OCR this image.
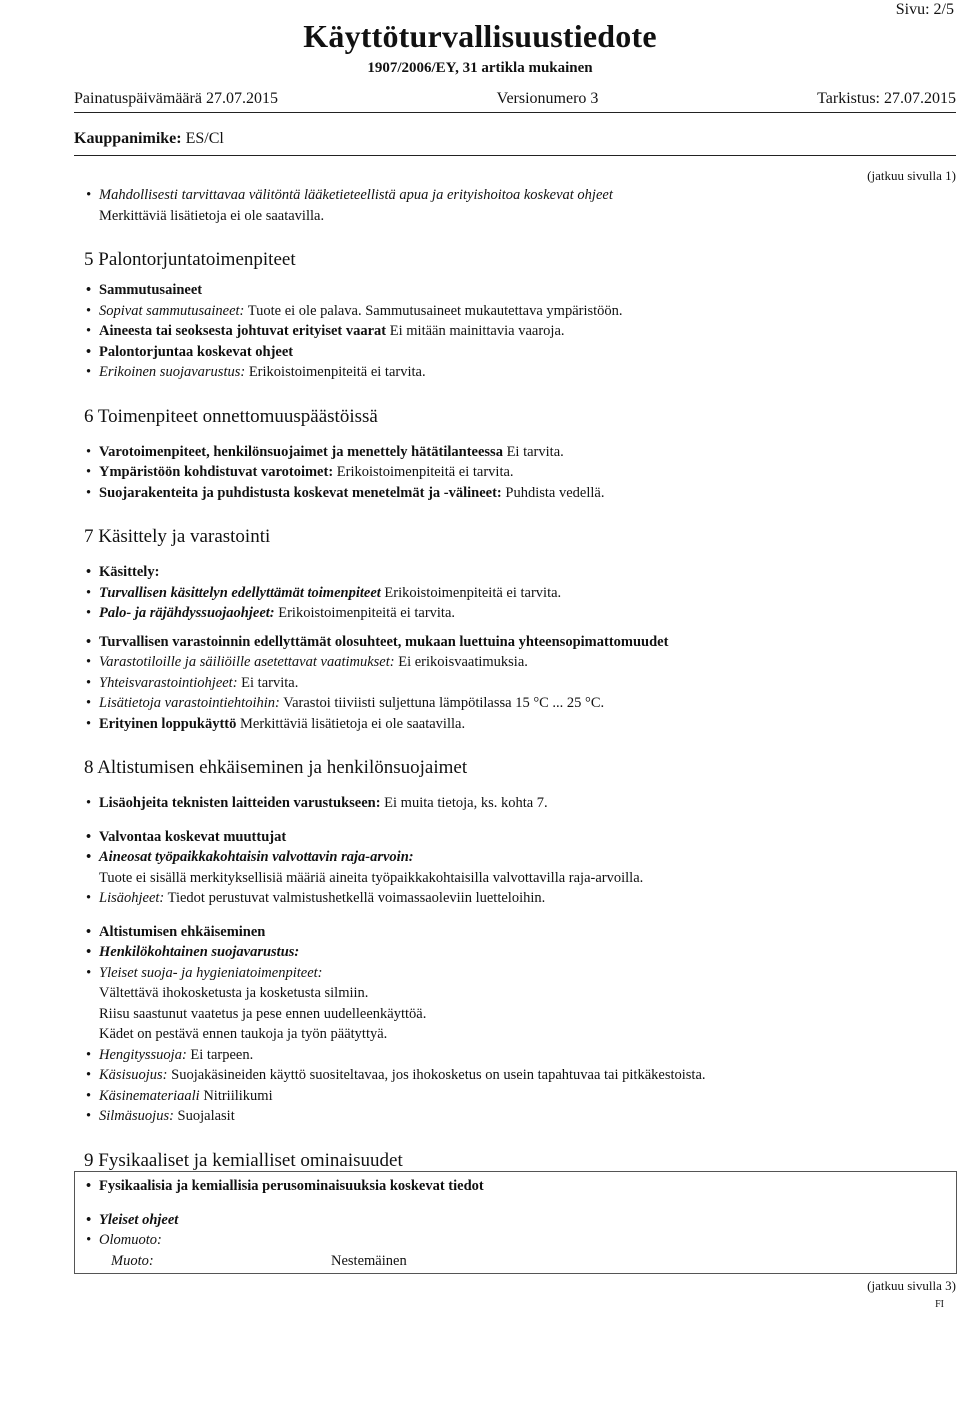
Sivu: 2/5
Käyttöturvallisuustiedote
1907/2006/EY, 31 artikla mukainen
Painatuspäivämäärä 27.07.2015	Versionumero 3	Tarkistus: 27.07.2015
Kauppanimike: ES/Cl
(jatkuu sivulla 1)
• Mahdollisesti tarvittavaa välitöntä lääketieteellistä apua ja erityishoitoa koskevat ohjeet
Merkittäviä lisätietoja ei ole saatavilla.
5 Palontorjuntatoimenpiteet
• Sammutusaineet
• Sopivat sammutusaineet: Tuote ei ole palava. Sammutusaineet mukautettava ympäristöön.
• Aineesta tai seoksesta johtuvat erityiset vaarat Ei mitään mainittavia vaaroja.
• Palontorjuntaa koskevat ohjeet
• Erikoinen suojavarustus: Erikoistoimenpiteitä ei tarvita.
6 Toimenpiteet onnettomuuspäästöissä
• Varotoimenpiteet, henkilönsuojaimet ja menettely hätätilanteessa Ei tarvita.
• Ympäristöön kohdistuvat varotoimet: Erikoistoimenpiteitä ei tarvita.
• Suojarakenteita ja puhdistusta koskevat menetelmät ja -välineet: Puhdista vedellä.
7 Käsittely ja varastointi
• Käsittely:
• Turvallisen käsittelyn edellyttämät toimenpiteet Erikoistoimenpiteitä ei tarvita.
• Palo- ja räjähdyssuojaohjeet: Erikoistoimenpiteitä ei tarvita.
• Turvallisen varastoinnin edellyttämät olosuhteet, mukaan luettuina yhteensopimattomuudet
• Varastotiloille ja säiliöille asetettavat vaatimukset: Ei erikoisvaatimuksia.
• Yhteisvarastointiohjeet: Ei tarvita.
• Lisätietoja varastointiehtoihin: Varastoi tiiviisti suljettuna lämpötilassa 15 °C ... 25 °C.
• Erityinen loppukäyttö Merkittäviä lisätietoja ei ole saatavilla.
8 Altistumisen ehkäiseminen ja henkilönsuojaimet
• Lisäohjeita teknisten laitteiden varustukseen: Ei muita tietoja, ks. kohta 7.
• Valvontaa koskevat muuttujat
• Aineosat työpaikkakohtaisin valvottavin raja-arvoin:
Tuote ei sisällä merkityksellisiä määriä aineita työpaikkakohtaisilla valvottavilla raja-arvoilla.
• Lisäohjeet: Tiedot perustuvat valmistushetkellä voimassaoleviin luetteloihin.
• Altistumisen ehkäiseminen
• Henkilökohtainen suojavarustus:
• Yleiset suoja- ja hygieniatoimenpiteet:
Vältettävä ihokosketusta ja kosketusta silmiin.
Riisu saastunut vaatetus ja pese ennen uudelleenkäyttöä.
Kädet on pestävä ennen taukoja ja työn päätyttyä.
• Hengityssuoja: Ei tarpeen.
• Käsisuojus: Suojakäsineiden käyttö suositeltavaa, jos ihokosketus on usein tapahtuvaa tai pitkäkestoista.
• Käsinemateriaali Nitriilikumi
• Silmäsuojus: Suojalasit
9 Fysikaaliset ja kemialliset ominaisuudet
• Fysikaalisia ja kemiallisia perusominaisuuksia koskevat tiedot
• Yleiset ohjeet
• Olomuoto:
Muoto:	Nestemäinen
(jatkuu sivulla 3)
FI
